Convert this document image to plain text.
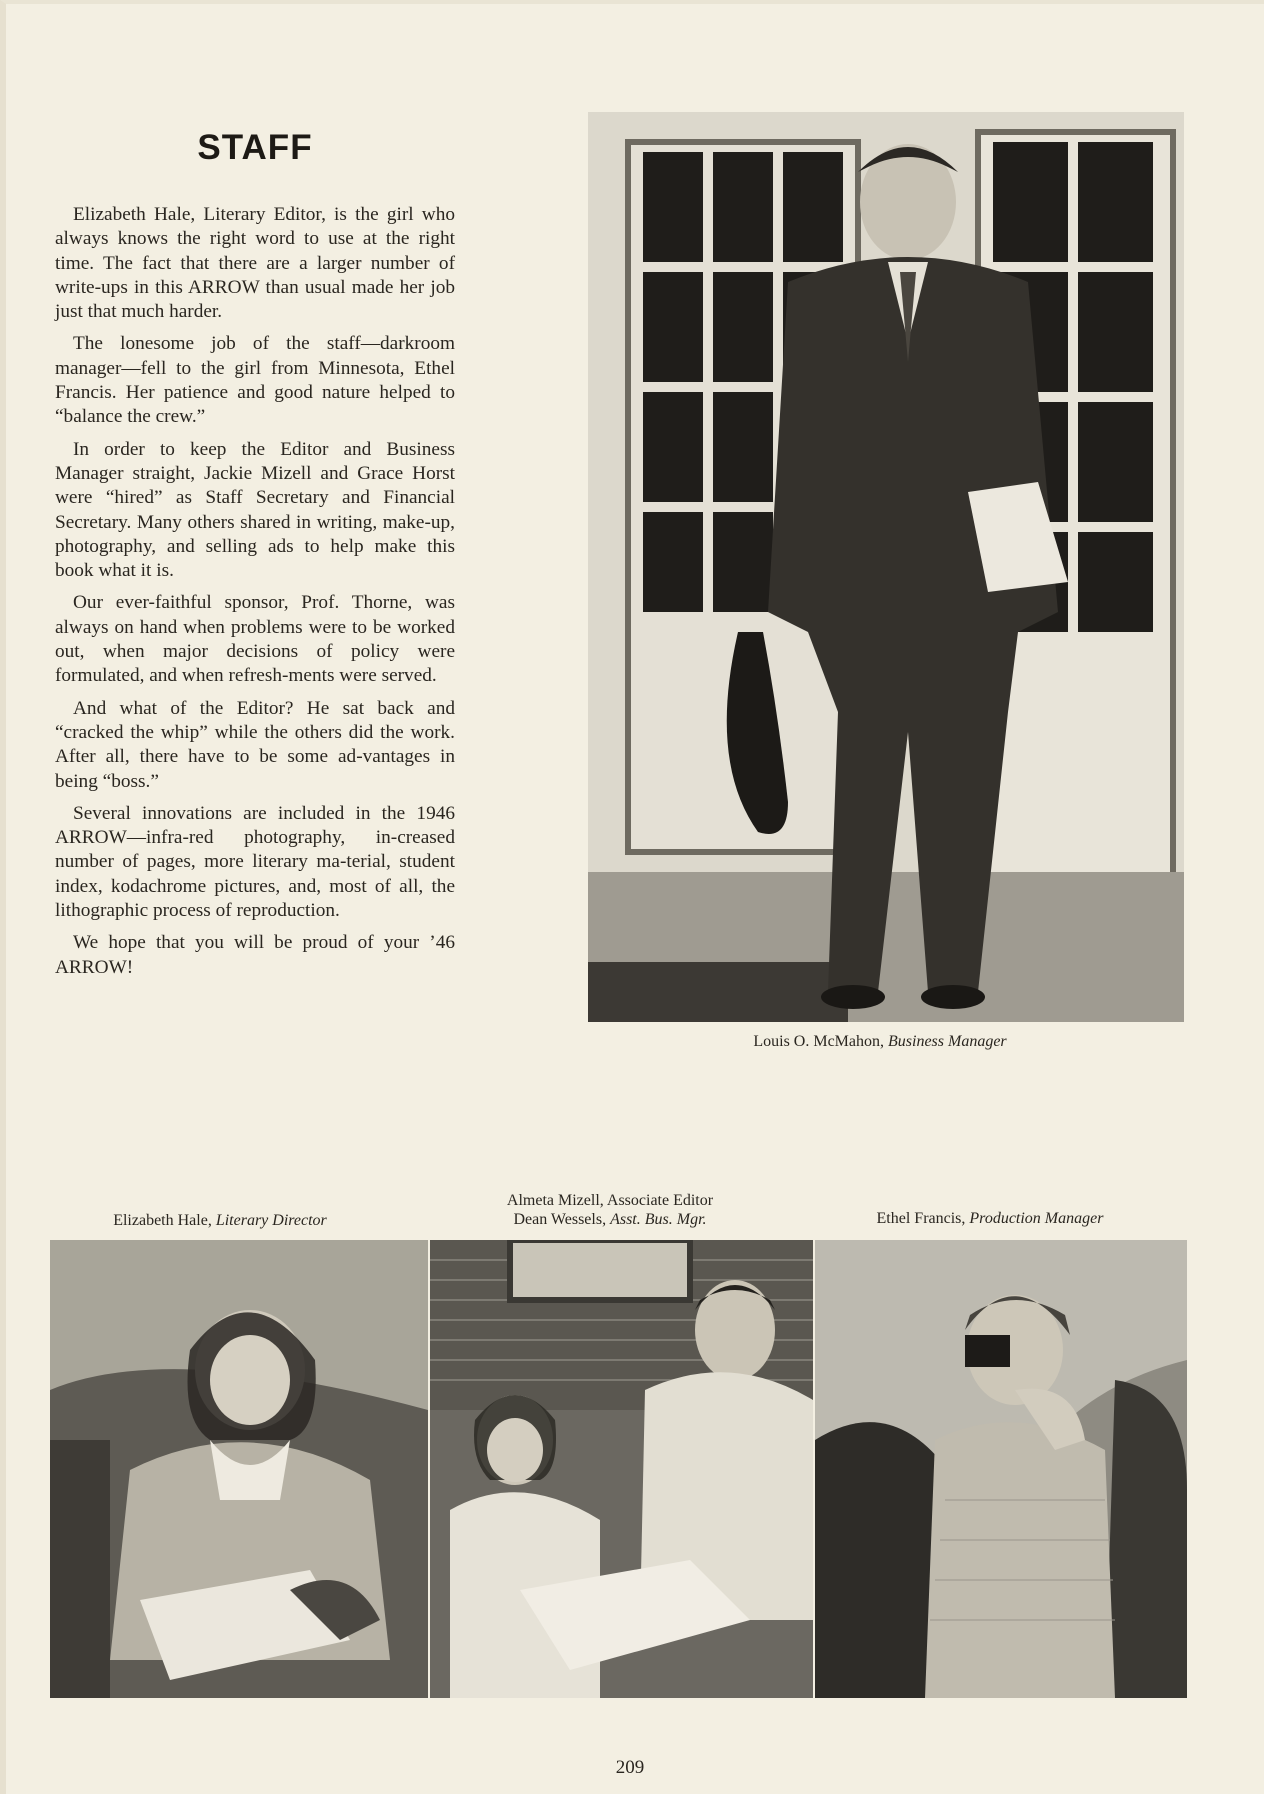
STAFF

Elizabeth Hale, Literary Editor, is the girl who always knows the right word to use at the right time. The fact that there are a larger number of write-ups in this ARROW than usual made her job just that much harder.

The lonesome job of the staff—darkroom manager—fell to the girl from Minnesota, Ethel Francis. Her patience and good nature helped to “balance the crew.”

In order to keep the Editor and Business Manager straight, Jackie Mizell and Grace Horst were “hired” as Staff Secretary and Financial Secretary. Many others shared in writing, make-up, photography, and selling ads to help make this book what it is.

Our ever-faithful sponsor, Prof. Thorne, was always on hand when problems were to be worked out, when major decisions of policy were formulated, and when refresh-ments were served.

And what of the Editor? He sat back and “cracked the whip” while the others did the work. After all, there have to be some ad-vantages in being “boss.”

Several innovations are included in the 1946 ARROW—infra-red photography, in-creased number of pages, more literary ma-terial, student index, kodachrome pictures, and, most of all, the lithographic process of reproduction.

We hope that you will be proud of your ’46 ARROW!

Louis O. McMahon, Business Manager
Elizabeth Hale, Literary Director
Almeta Mizell, Associate Editor
Dean Wessels, Asst. Bus. Mgr.	Ethel Francis, Production Manager
209
